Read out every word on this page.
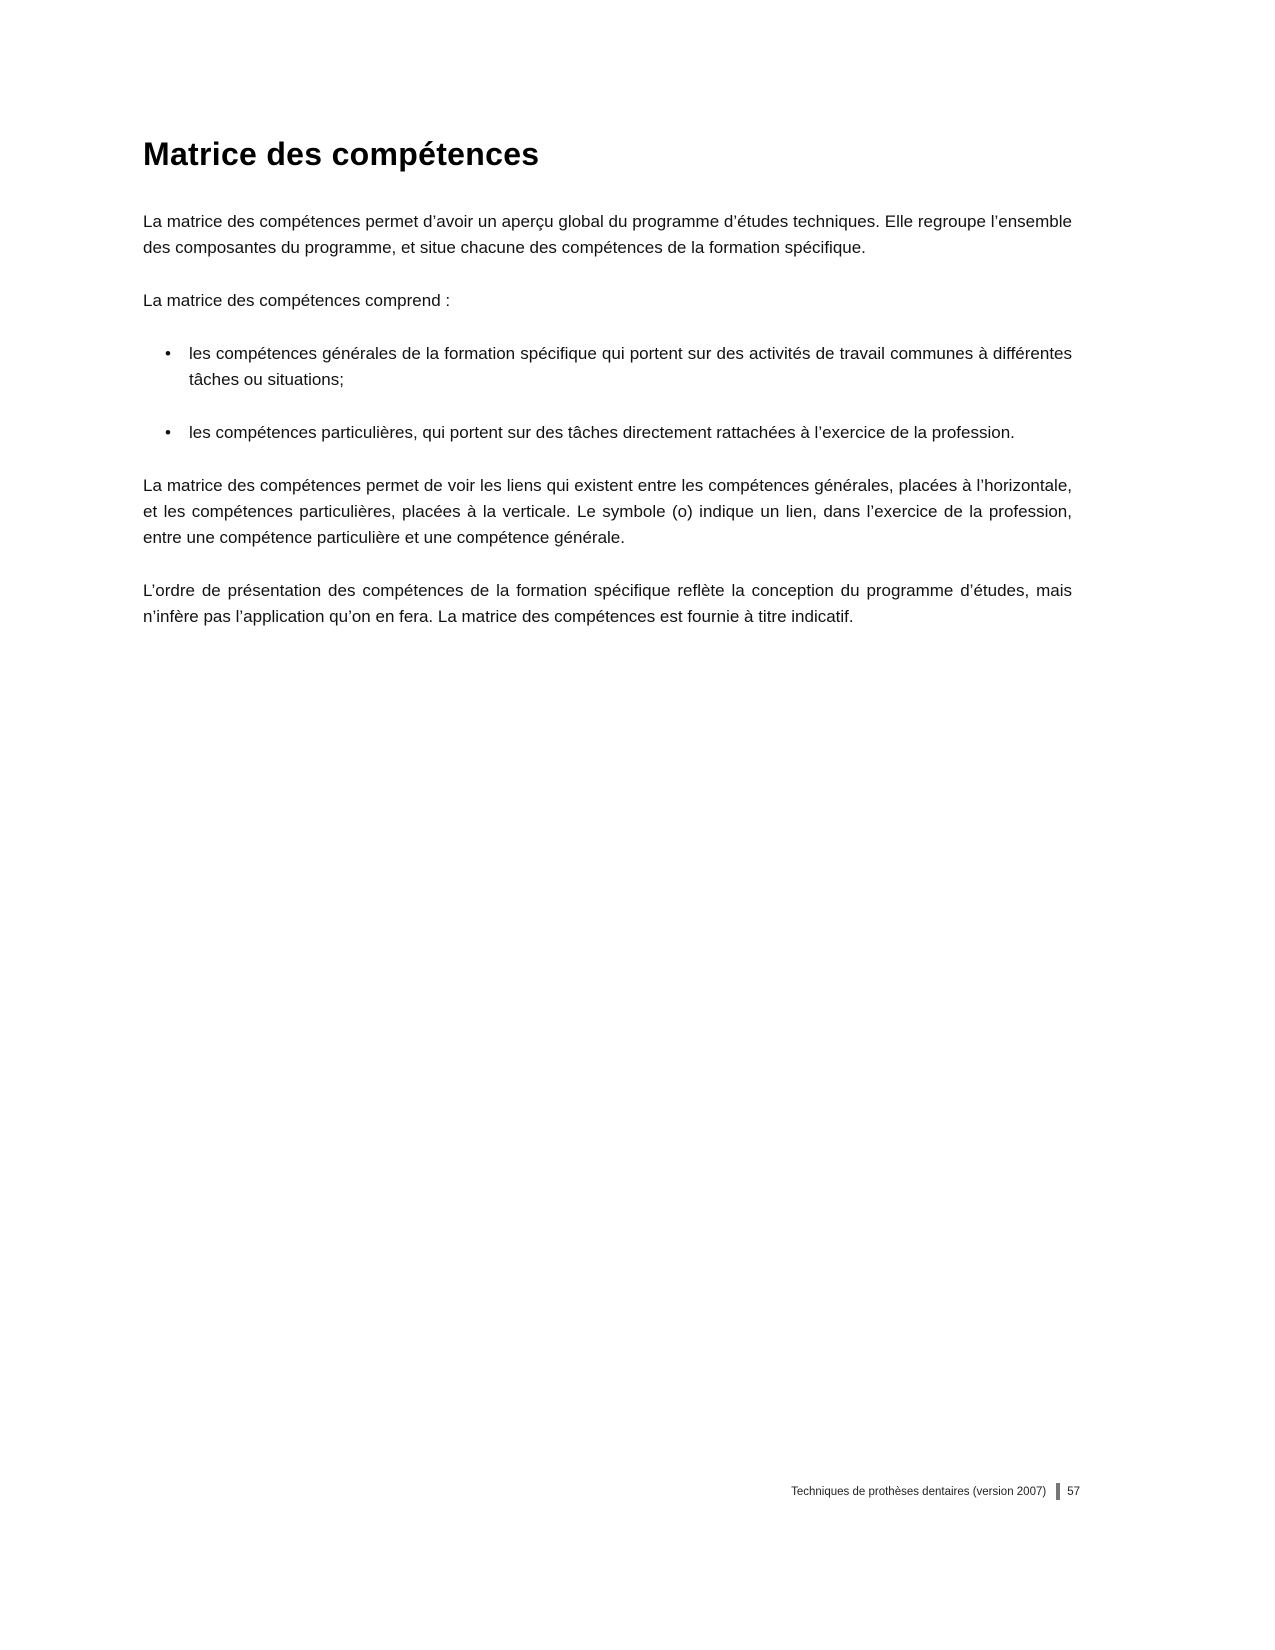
Matrice des compétences

La matrice des compétences permet d’avoir un aperçu global du programme d’études techniques. Elle regroupe l’ensemble des composantes du programme, et situe chacune des compétences de la formation spécifique.

La matrice des compétences comprend :

•	les compétences générales de la formation spécifique qui portent sur des activités de travail communes à différentes tâches ou situations;
•	les compétences particulières, qui portent sur des tâches directement rattachées à l’exercice de la profession.

La matrice des compétences permet de voir les liens qui existent entre les compétences générales, placées à l’horizontale, et les compétences particulières, placées à la verticale. Le symbole (o) indique un lien, dans l’exercice de la profession, entre une compétence particulière et une compétence générale.

L’ordre de présentation des compétences de la formation spécifique reflète la conception du programme d’études, mais n’infère pas l’application qu’on en fera. La matrice des compétences est fournie à titre indicatif.

Techniques de prothèses dentaires (version 2007) 57
